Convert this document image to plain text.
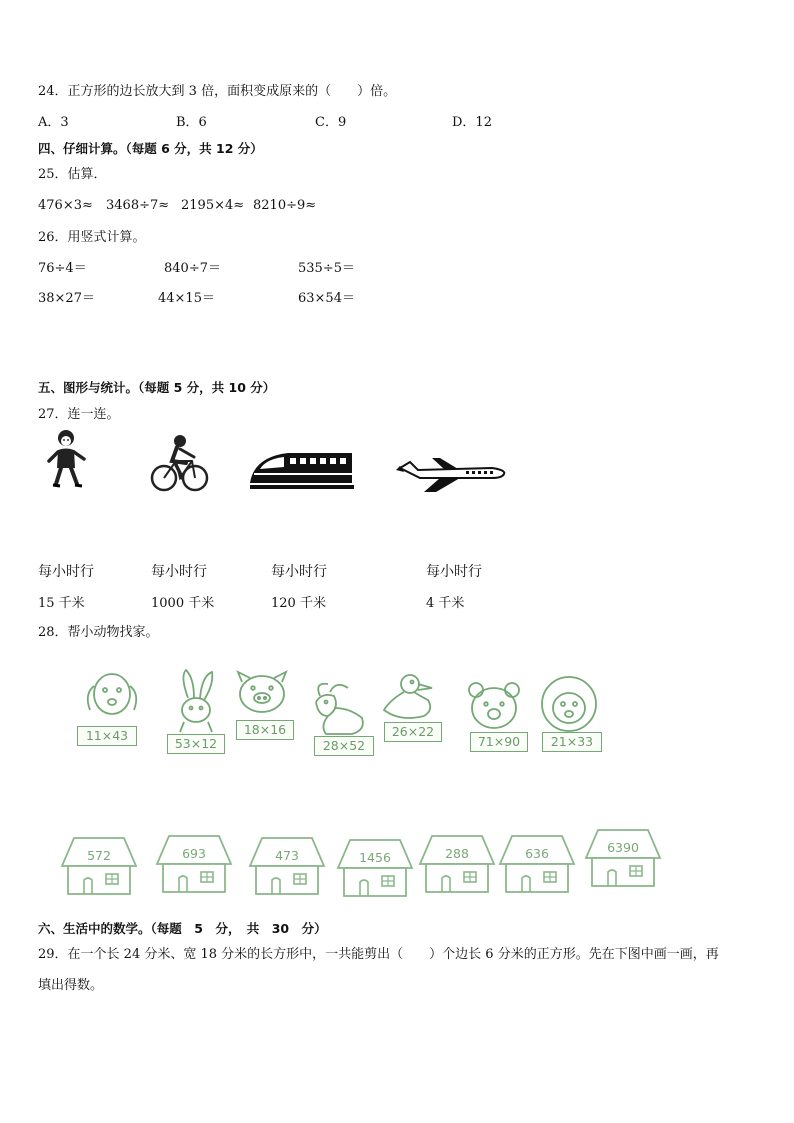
24．正方形的边长放大到 3 倍，面积变成原来的（　　）倍。
A．3	B．6	C．9	D．12
四、仔细计算。（每题 6 分，共 12 分）
25．估算．
476×3≈ 3468÷7≈ 2195×4≈ 8210÷9≈
26．用竖式计算。
76÷4＝	840÷7＝	535÷5＝
38×27＝	44×15＝	63×54＝
五、图形与统计。（每题 5 分，共 10 分）
27．连一连。
每小时行	每小时行	每小时行	每小时行
15 千米	1000 千米	120 千米	4 千米
28．帮小动物找家。
11×43
53×12
18×16
28×52
26×22
71×90	21×33
572	693	473	1456	288	636	6390
六、生活中的数学。（每题　5　分，　共　30　分）
29．在一个长 24 分米、宽 18 分米的长方形中，一共能剪出（　　）个边长 6 分米的正方形。先在下图中画一画，再
填出得数。
